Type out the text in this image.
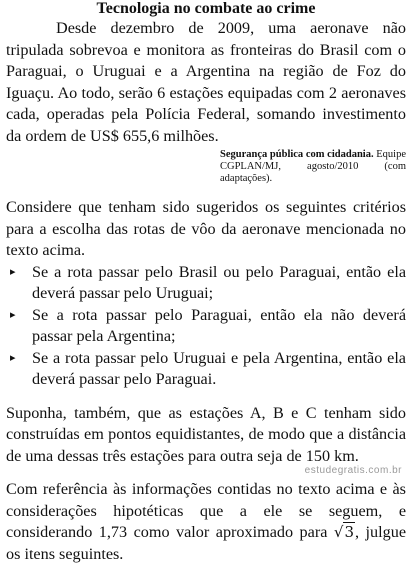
Tecnologia no combate ao crime

Desde dezembro de 2009, uma aeronave não tripulada sobrevoa e monitora as fronteiras do Brasil com o Paraguai, o Uruguai e a Argentina na região de Foz do Iguaçu. Ao todo, serão 6 estações equipadas com 2 aeronaves cada, operadas pela Polícia Federal, somando investimento da ordem de US$ 655,6 milhões.

Segurança pública com cidadania. Equipe CGPLAN/MJ, agosto/2010 (com adaptações).

Considere que tenham sido sugeridos os seguintes critérios para a escolha das rotas de vôo da aeronave mencionada no texto acima.

▸ Se a rota passar pelo Brasil ou pelo Paraguai, então ela deverá passar pelo Uruguai;
▸ Se a rota passar pelo Paraguai, então ela não deverá passar pela Argentina;
▸ Se a rota passar pelo Uruguai e pela Argentina, então ela deverá passar pelo Paraguai.

Suponha, também, que as estações A, B e C tenham sido construídas em pontos equidistantes, de modo que a distância de uma dessas três estações para outra seja de 150 km.

Com referência às informações contidas no texto acima e às considerações hipotéticas que a ele se seguem, e considerando 1,73 como valor aproximado para √3, julgue os itens seguintes.

estudegratis.com.br
